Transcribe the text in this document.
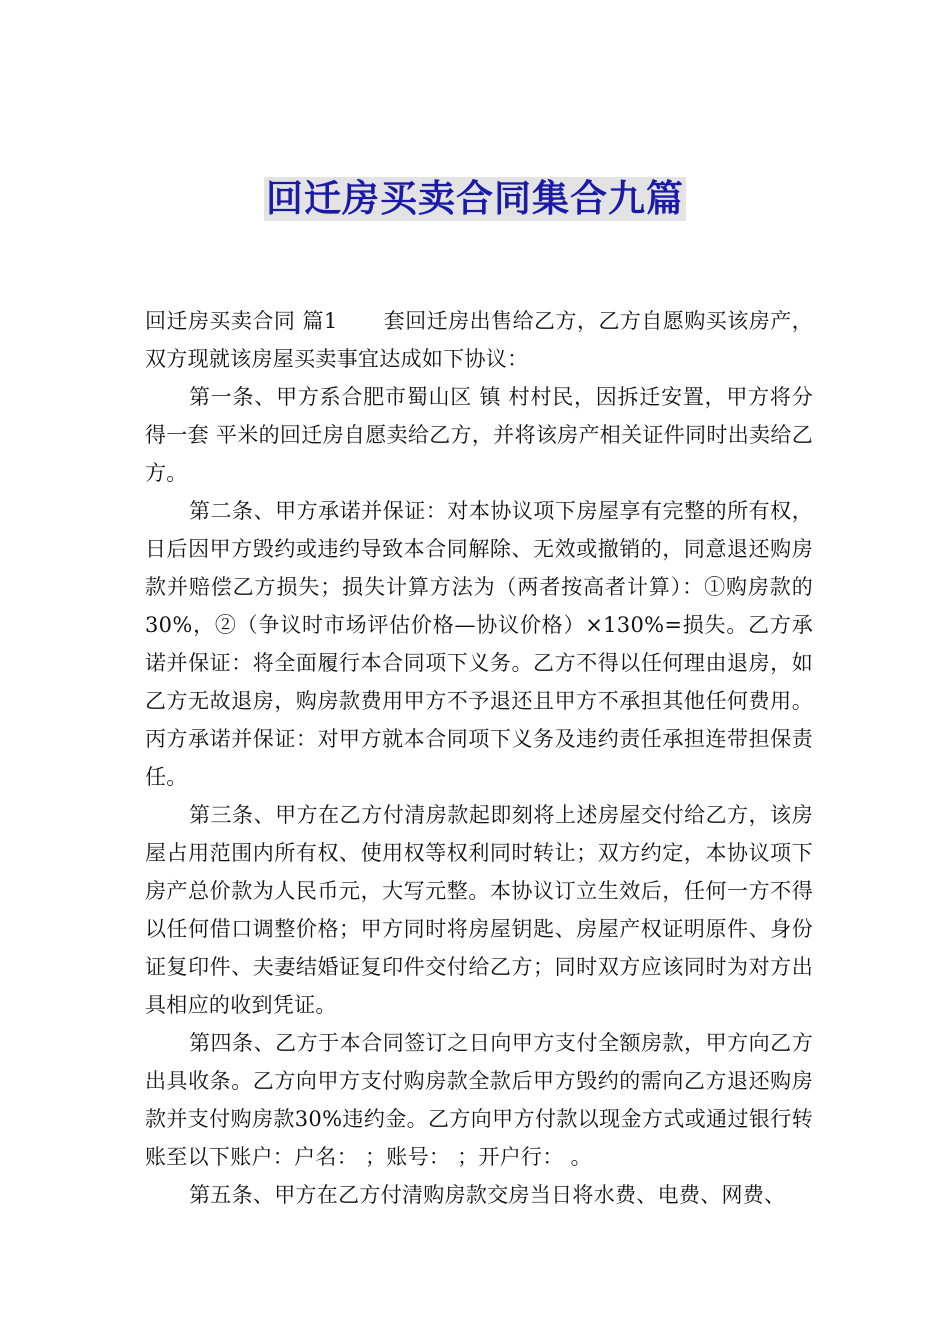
回迁房买卖合同集合九篇

回迁房买卖合同 篇1 套回迁房出售给乙方，乙方自愿购买该房产，双方现就该房屋买卖事宜达成如下协议：

第一条、甲方系合肥市蜀山区 镇 村村民，因拆迁安置，甲方将分得一套 平米的回迁房自愿卖给乙方，并将该房产相关证件同时出卖给乙方。

第二条、甲方承诺并保证：对本协议项下房屋享有完整的所有权，日后因甲方毁约或违约导致本合同解除、无效或撤销的，同意退还购房款并赔偿乙方损失；损失计算方法为（两者按高者计算）：①购房款的30%，②（争议时市场评估价格—协议价格）×130%=损失。乙方承诺并保证：将全面履行本合同项下义务。乙方不得以任何理由退房，如乙方无故退房，购房款费用甲方不予退还且甲方不承担其他任何费用。丙方承诺并保证：对甲方就本合同项下义务及违约责任承担连带担保责任。

第三条、甲方在乙方付清房款起即刻将上述房屋交付给乙方，该房屋占用范围内所有权、使用权等权利同时转让；双方约定，本协议项下房产总价款为人民币元，大写元整。本协议订立生效后，任何一方不得以任何借口调整价格；甲方同时将房屋钥匙、房屋产权证明原件、身份证复印件、夫妻结婚证复印件交付给乙方；同时双方应该同时为对方出具相应的收到凭证。

第四条、乙方于本合同签订之日向甲方支付全额房款，甲方向乙方出具收条。乙方向甲方支付购房款全款后甲方毁约的需向乙方退还购房款并支付购房款30%违约金。乙方向甲方付款以现金方式或通过银行转账至以下账户：户名： ；账号： ；开户行： 。

第五条、甲方在乙方付清购房款交房当日将水费、电费、网费、
